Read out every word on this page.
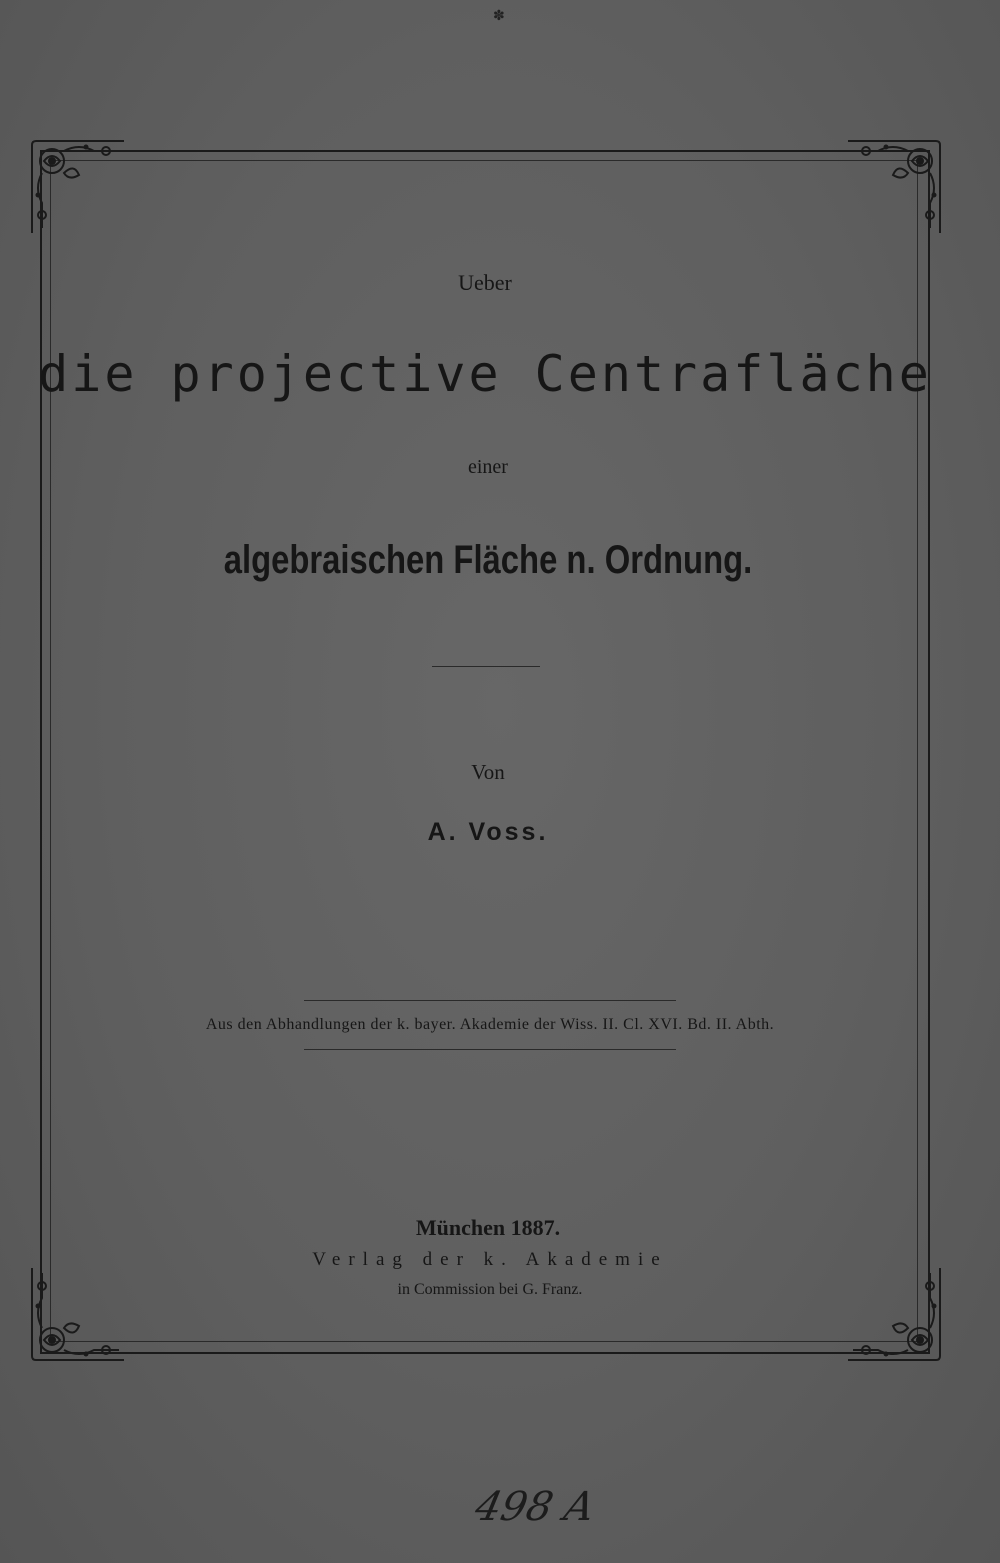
✽
Ueber
die projective Centrafläche
einer
algebraischen Fläche n. Ordnung.
Von
A. Voss.
Aus den Abhandlungen der k. bayer. Akademie der Wiss. II. Cl. XVI. Bd. II. Abth.
München 1887.
Verlag der k. Akademie
in Commission bei G. Franz.
498 A
